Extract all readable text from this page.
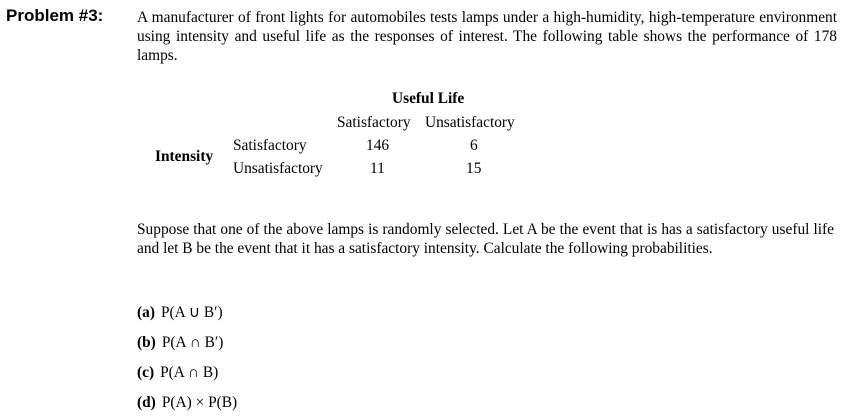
Problem #3: A manufacturer of front lights for automobiles tests lamps under a high-humidity, high-temperature environment using intensity and useful life as the responses of interest. The following table shows the performance of 178 lamps.

Useful Life
Satisfactory Unsatisfactory
Intensity
Satisfactory	146	6
Unsatisfactory	11	15
Suppose that one of the above lamps is randomly selected. Let A be the event that is has a satisfactory useful life and let B be the event that it has a satisfactory intensity. Calculate the following probabilities.
(a) P(A ∪ B′)
(b) P(A ∩ B′)
(c) P(A ∩ B)
(d) P(A) × P(B)
